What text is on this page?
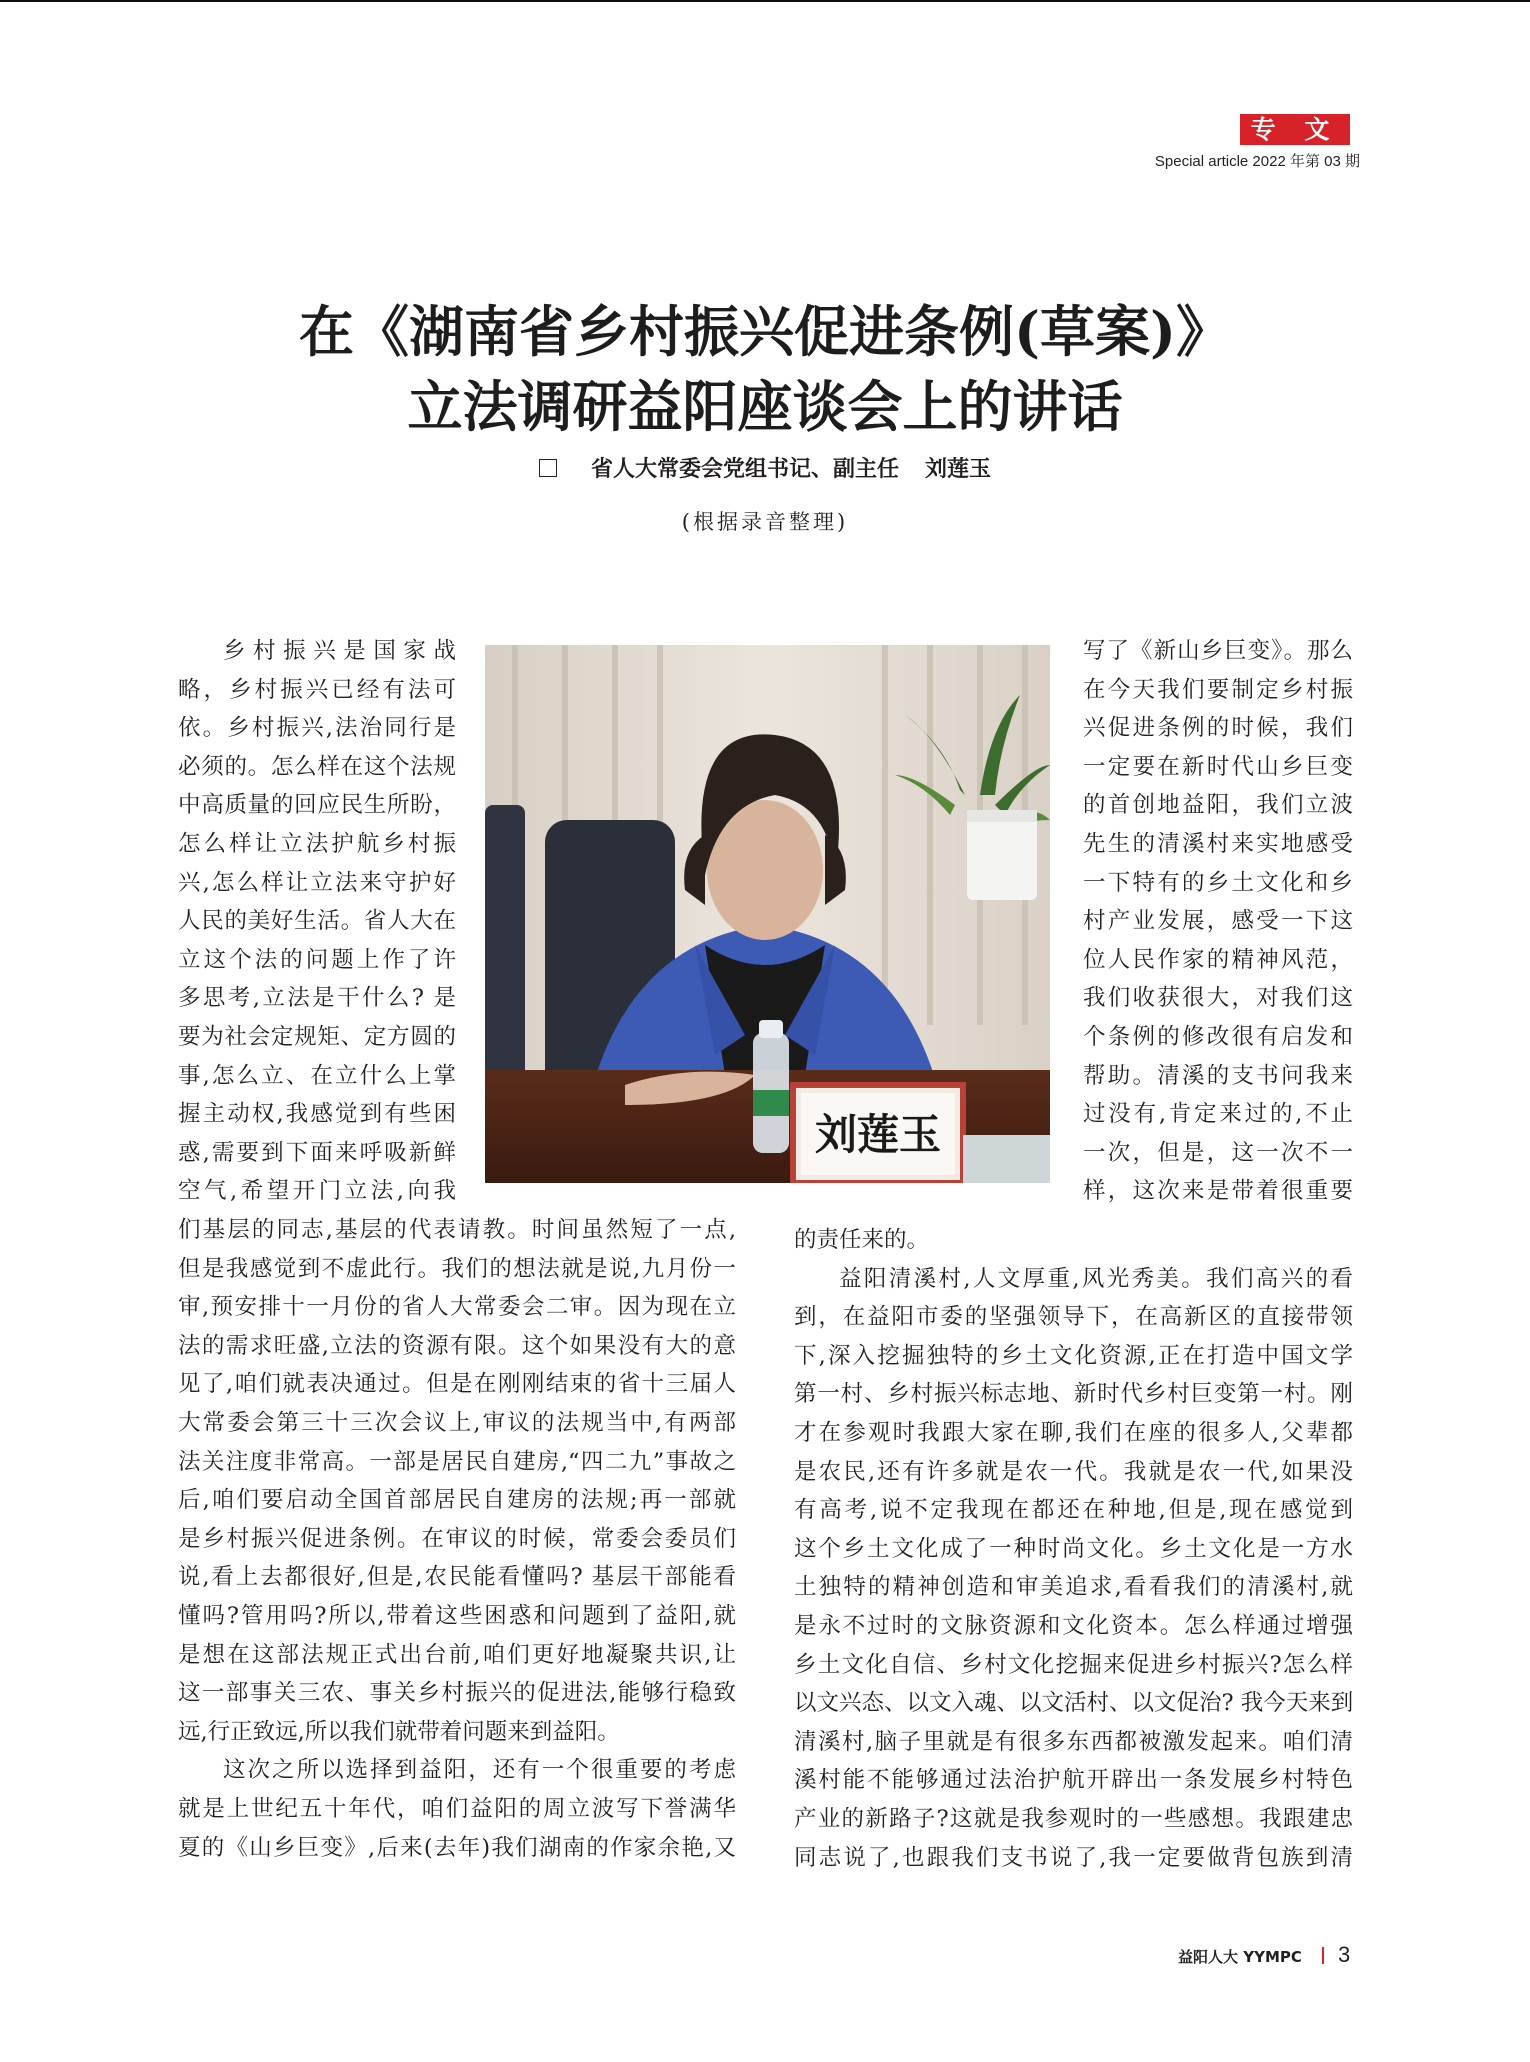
专 文
Special article 2022 年第 03 期
在《湖南省乡村振兴促进条例(草案)》
立法调研益阳座谈会上的讲话
省人大常委会党组书记、副主任 刘莲玉
(根据录音整理)

乡村振兴是国家战

略，乡村振兴已经有法可

依。乡村振兴,法治同行是

必须的。怎么样在这个法规

中高质量的回应民生所盼，

怎么样让立法护航乡村振

兴,怎么样让立法来守护好

人民的美好生活。省人大在

立这个法的问题上作了许

多思考,立法是干什么? 是

要为社会定规矩、定方圆的

事,怎么立、在立什么上掌

握主动权,我感觉到有些困

惑,需要到下面来呼吸新鲜

空气,希望开门立法,向我

们基层的同志,基层的代表请教。时间虽然短了一点,

但是我感觉到不虚此行。我们的想法就是说,九月份一

审,预安排十一月份的省人大常委会二审。因为现在立

法的需求旺盛,立法的资源有限。这个如果没有大的意

见了,咱们就表决通过。但是在刚刚结束的省十三届人

大常委会第三十三次会议上,审议的法规当中,有两部

法关注度非常高。一部是居民自建房,“四二九”事故之

后,咱们要启动全国首部居民自建房的法规;再一部就

是乡村振兴促进条例。在审议的时候，常委会委员们

说,看上去都很好,但是,农民能看懂吗? 基层干部能看

懂吗?管用吗?所以,带着这些困惑和问题到了益阳,就

是想在这部法规正式出台前,咱们更好地凝聚共识,让

这一部事关三农、事关乡村振兴的促进法,能够行稳致

远,行正致远,所以我们就带着问题来到益阳。

这次之所以选择到益阳，还有一个很重要的考虑

就是上世纪五十年代，咱们益阳的周立波写下誉满华

夏的《山乡巨变》,后来(去年)我们湖南的作家余艳,又

刘莲玉

写了《新山乡巨变》。那么

在今天我们要制定乡村振

兴促进条例的时候，我们

一定要在新时代山乡巨变

的首创地益阳，我们立波

先生的清溪村来实地感受

一下特有的乡土文化和乡

村产业发展，感受一下这

位人民作家的精神风范，

我们收获很大，对我们这

个条例的修改很有启发和

帮助。清溪的支书问我来

过没有,肯定来过的,不止

一次，但是，这一次不一

样，这次来是带着很重要

的责任来的。

益阳清溪村,人文厚重,风光秀美。我们高兴的看

到，在益阳市委的坚强领导下，在高新区的直接带领

下,深入挖掘独特的乡土文化资源,正在打造中国文学

第一村、乡村振兴标志地、新时代乡村巨变第一村。刚

才在参观时我跟大家在聊,我们在座的很多人,父辈都

是农民,还有许多就是农一代。我就是农一代,如果没

有高考,说不定我现在都还在种地,但是,现在感觉到

这个乡土文化成了一种时尚文化。乡土文化是一方水

土独特的精神创造和审美追求,看看我们的清溪村,就

是永不过时的文脉资源和文化资本。怎么样通过增强

乡土文化自信、乡村文化挖掘来促进乡村振兴?怎么样

以文兴态、以文入魂、以文活村、以文促治? 我今天来到

清溪村,脑子里就是有很多东西都被激发起来。咱们清

溪村能不能够通过法治护航开辟出一条发展乡村特色

产业的新路子?这就是我参观时的一些感想。我跟建忠

同志说了,也跟我们支书说了,我一定要做背包族到清

益阳人大 YYMPC 3
